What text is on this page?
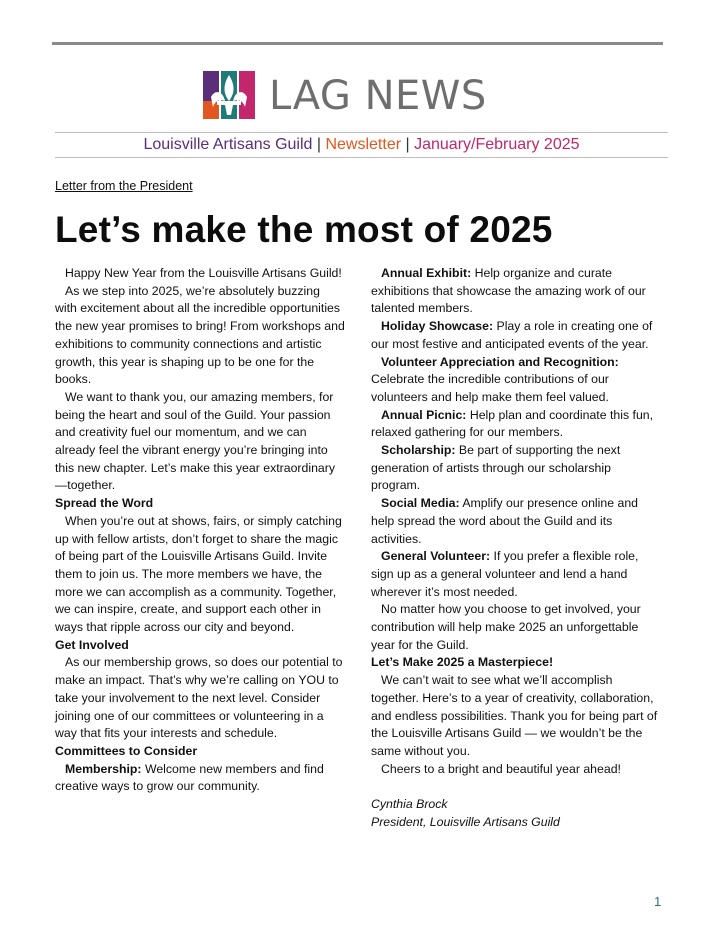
LAG NEWS
Louisville Artisans Guild | Newsletter | January/February 2025
Letter from the President
Let’s make the most of 2025

Happy New Year from the Louisville Artisans Guild!

As we step into 2025, we’re absolutely buzzing with excitement about all the incredible opportunities the new year promises to bring! From workshops and exhibitions to community connections and artistic growth, this year is shaping up to be one for the books.

We want to thank you, our amazing members, for being the heart and soul of the Guild. Your passion and creativity fuel our momentum, and we can already feel the vibrant energy you’re bringing into this new chapter. Let’s make this year extraordinary—together.

Spread the Word

When you’re out at shows, fairs, or simply catching up with fellow artists, don’t forget to share the magic of being part of the Louisville Artisans Guild. Invite them to join us. The more members we have, the more we can accomplish as a community. Together, we can inspire, create, and support each other in ways that ripple across our city and beyond.

Get Involved

As our membership grows, so does our potential to make an impact. That’s why we’re calling on YOU to take your involvement to the next level. Consider joining one of our committees or volunteering in a way that fits your interests and schedule.

Committees to Consider

Membership: Welcome new members and find creative ways to grow our community.

Annual Exhibit: Help organize and curate exhibitions that showcase the amazing work of our talented members.

Holiday Showcase: Play a role in creating one of our most festive and anticipated events of the year.

Volunteer Appreciation and Recognition: Celebrate the incredible contributions of our volunteers and help make them feel valued.

Annual Picnic: Help plan and coordinate this fun, relaxed gathering for our members.

Scholarship: Be part of supporting the next generation of artists through our scholarship program.

Social Media: Amplify our presence online and help spread the word about the Guild and its activities.

General Volunteer: If you prefer a flexible role, sign up as a general volunteer and lend a hand wherever it’s most needed.

No matter how you choose to get involved, your contribution will help make 2025 an unforgettable year for the Guild.

Let’s Make 2025 a Masterpiece!

We can’t wait to see what we’ll accomplish together. Here’s to a year of creativity, collaboration, and endless possibilities. Thank you for being part of the Louisville Artisans Guild — we wouldn’t be the same without you.

Cheers to a bright and beautiful year ahead!

Cynthia Brock

President, Louisville Artisans Guild

1
